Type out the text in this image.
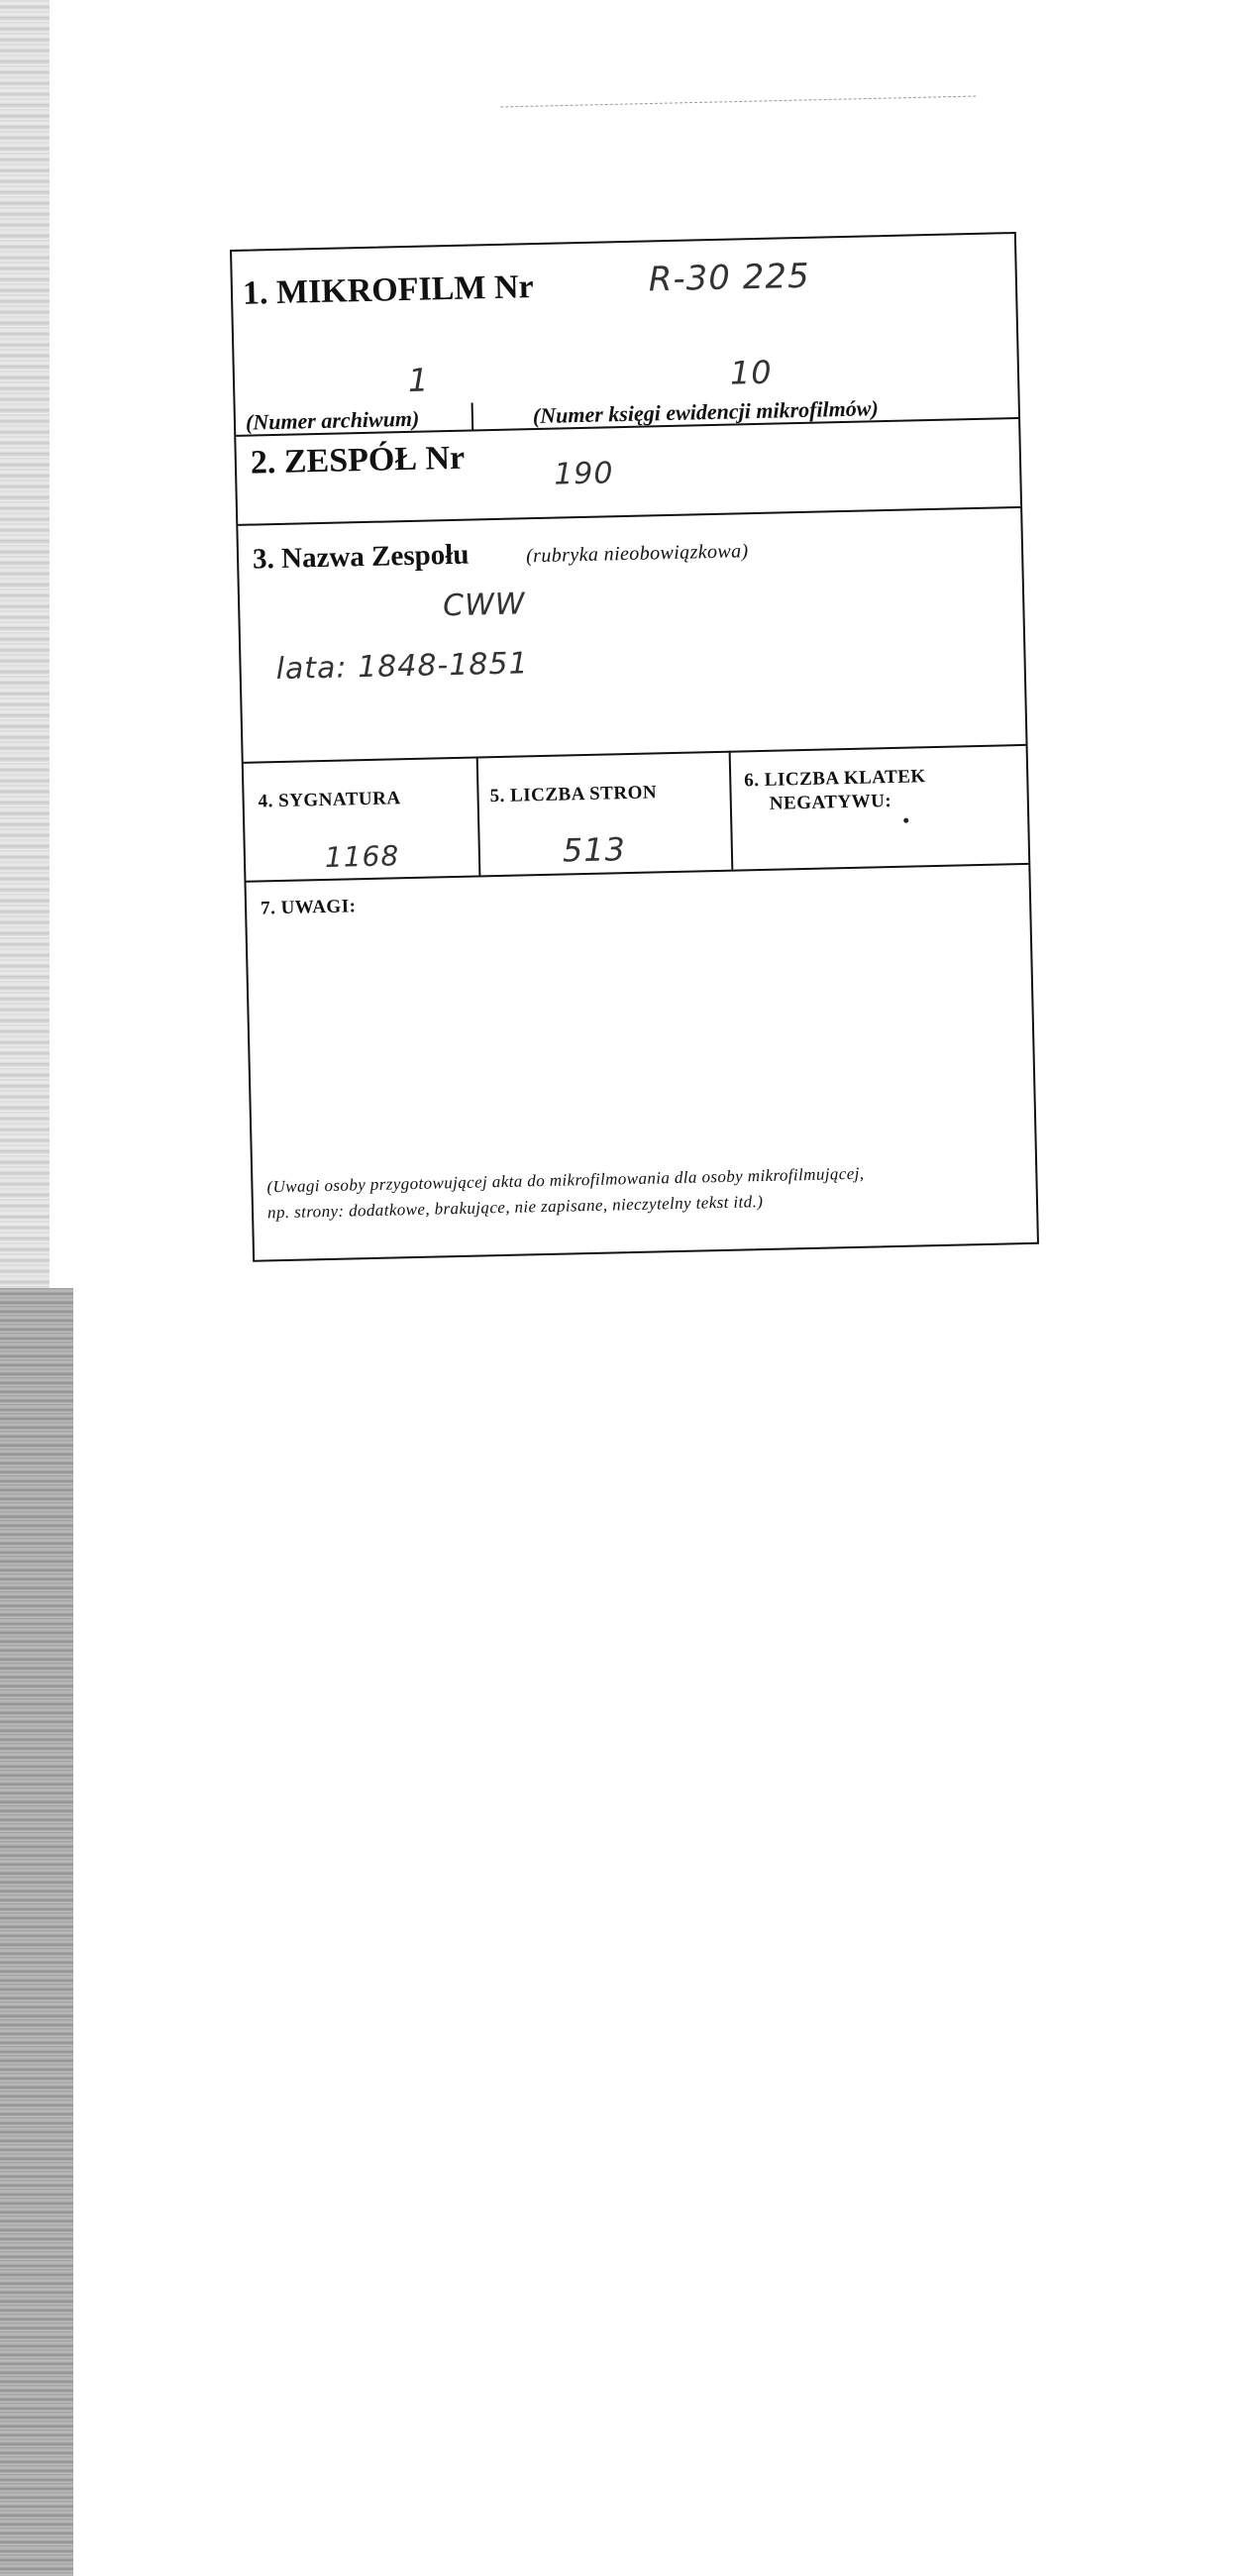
1. MIKROFILM Nr	R-30 225
1	10
(Numer archiwum)	(Numer księgi ewidencji mikrofilmów)
2. ZESPÓŁ Nr	190
3. Nazwa Zespołu	(rubryka nieobowiązkowa)
CWW
lata: 1848-1851
4. SYGNATURA
1168
5. LICZBA STRON
513
6. LICZBA KLATEK
NEGATYWU:
7. UWAGI:
(Uwagi osoby przygotowującej akta do mikrofilmowania dla osoby mikrofilmującej,
np. strony: dodatkowe, brakujące, nie zapisane, nieczytelny tekst itd.)
